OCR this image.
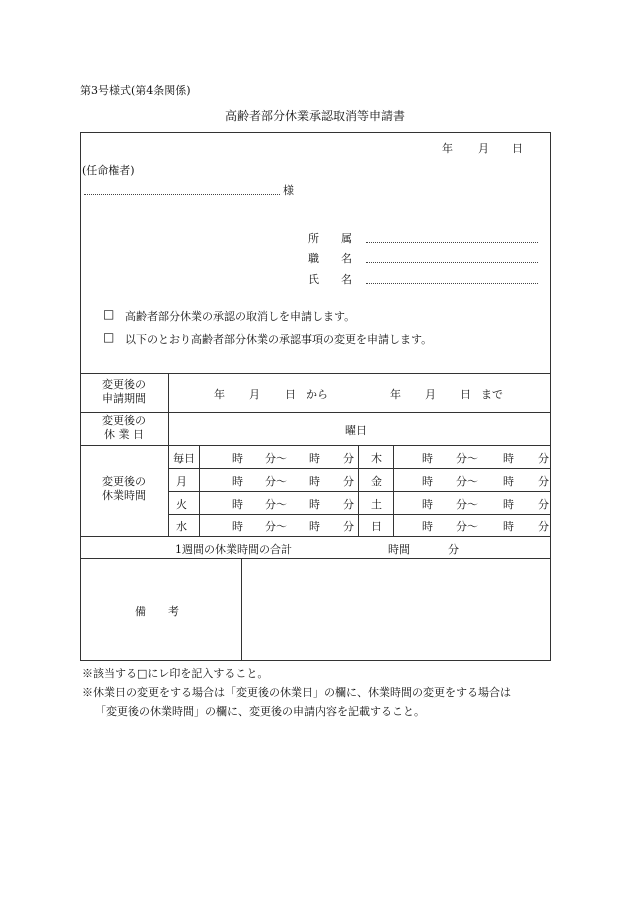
第3号様式(第4条関係)
高齢者部分休業承認取消等申請書
年 月 日
(任命権者)
様
所　　属
職　　名
氏　　名
□ 高齢者部分休業の承認の取消しを申請します。
□ 以下のとおり高齢者部分休業の承認事項の変更を申請します。
変更後の
申請期間	年 月 日 から	年 月 日 まで
変更後の
休 業 日	曜日
変更後の
休業時間
毎日	時 分～ 時 分 木	時 分～ 時 分
月	時 分～ 時 分 金	時 分～ 時 分
火	時 分～ 時 分 土	時 分～ 時 分
水	時 分～ 時 分 日	時 分～ 時 分
1週間の休業時間の合計	時間	分
備　　考
※該当する□にレ印を記入すること。
※休業日の変更をする場合は「変更後の休業日」の欄に、休業時間の変更をする場合は
「変更後の休業時間」の欄に、変更後の申請内容を記載すること。
